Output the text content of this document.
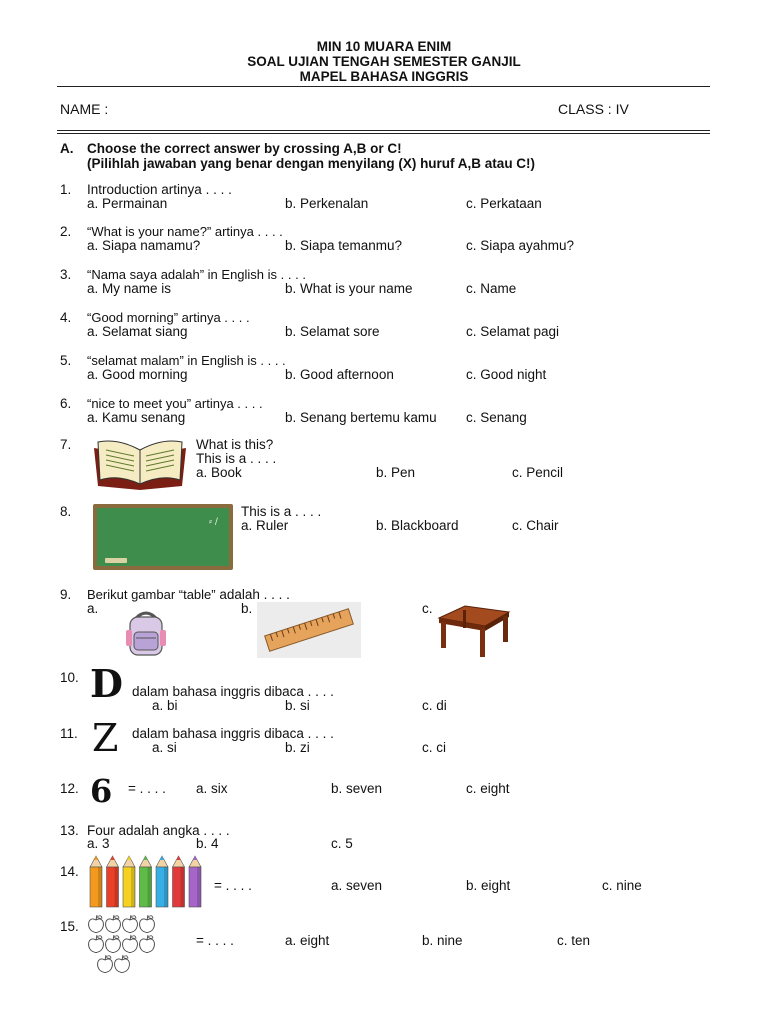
MIN 10 MUARA ENIM
SOAL UJIAN TENGAH SEMESTER GANJIL
MAPEL BAHASA INGGRIS
NAME :	CLASS : IV
A. Choose the correct answer by crossing A,B or C!
(Pilihlah jawaban yang benar dengan menyilang (X) huruf A,B atau C!)
1. Introduction artinya . . . .
a. Permainan	b. Perkenalan	c. Perkataan
2. “What is your name?” artinya . . . .
a. Siapa namamu?	b. Siapa temanmu?	c. Siapa ayahmu?
3. “Nama saya adalah” in English is . . . .
a. My name is	b. What is your name	c. Name
4. “Good morning” artinya . . . .
a. Selamat siang	b. Selamat sore	c. Selamat pagi
5. “selamat malam” in English is . . . .
a. Good morning	b. Good afternoon	c. Good night
6. “nice to meet you” artinya . . . .
a. Kamu senang	b. Senang bertemu kamu c. Senang
7.	What is this?
This is a . . . .
a. Book	b. Pen	c. Pencil
8.
⸗ ∕
This is a . . . .
a. Ruler	b. Blackboard	c. Chair
9. Berikut gambar “table” adalah . . . .
a.	b.	c.
10. D dalam bahasa inggris dibaca . . . .
a. bi	b. si	c. di
11. Z dalam bahasa inggris dibaca . . . .
a. si	b. zi	c. ci
12. 6 = . . . . a. six	b. seven	c. eight
13. Four adalah angka . . . .
a. 3	b. 4	c. 5
14.
= . . . .	a. seven	b. eight	c. nine
15.
= . . . .	a. eight	b. nine	c. ten
